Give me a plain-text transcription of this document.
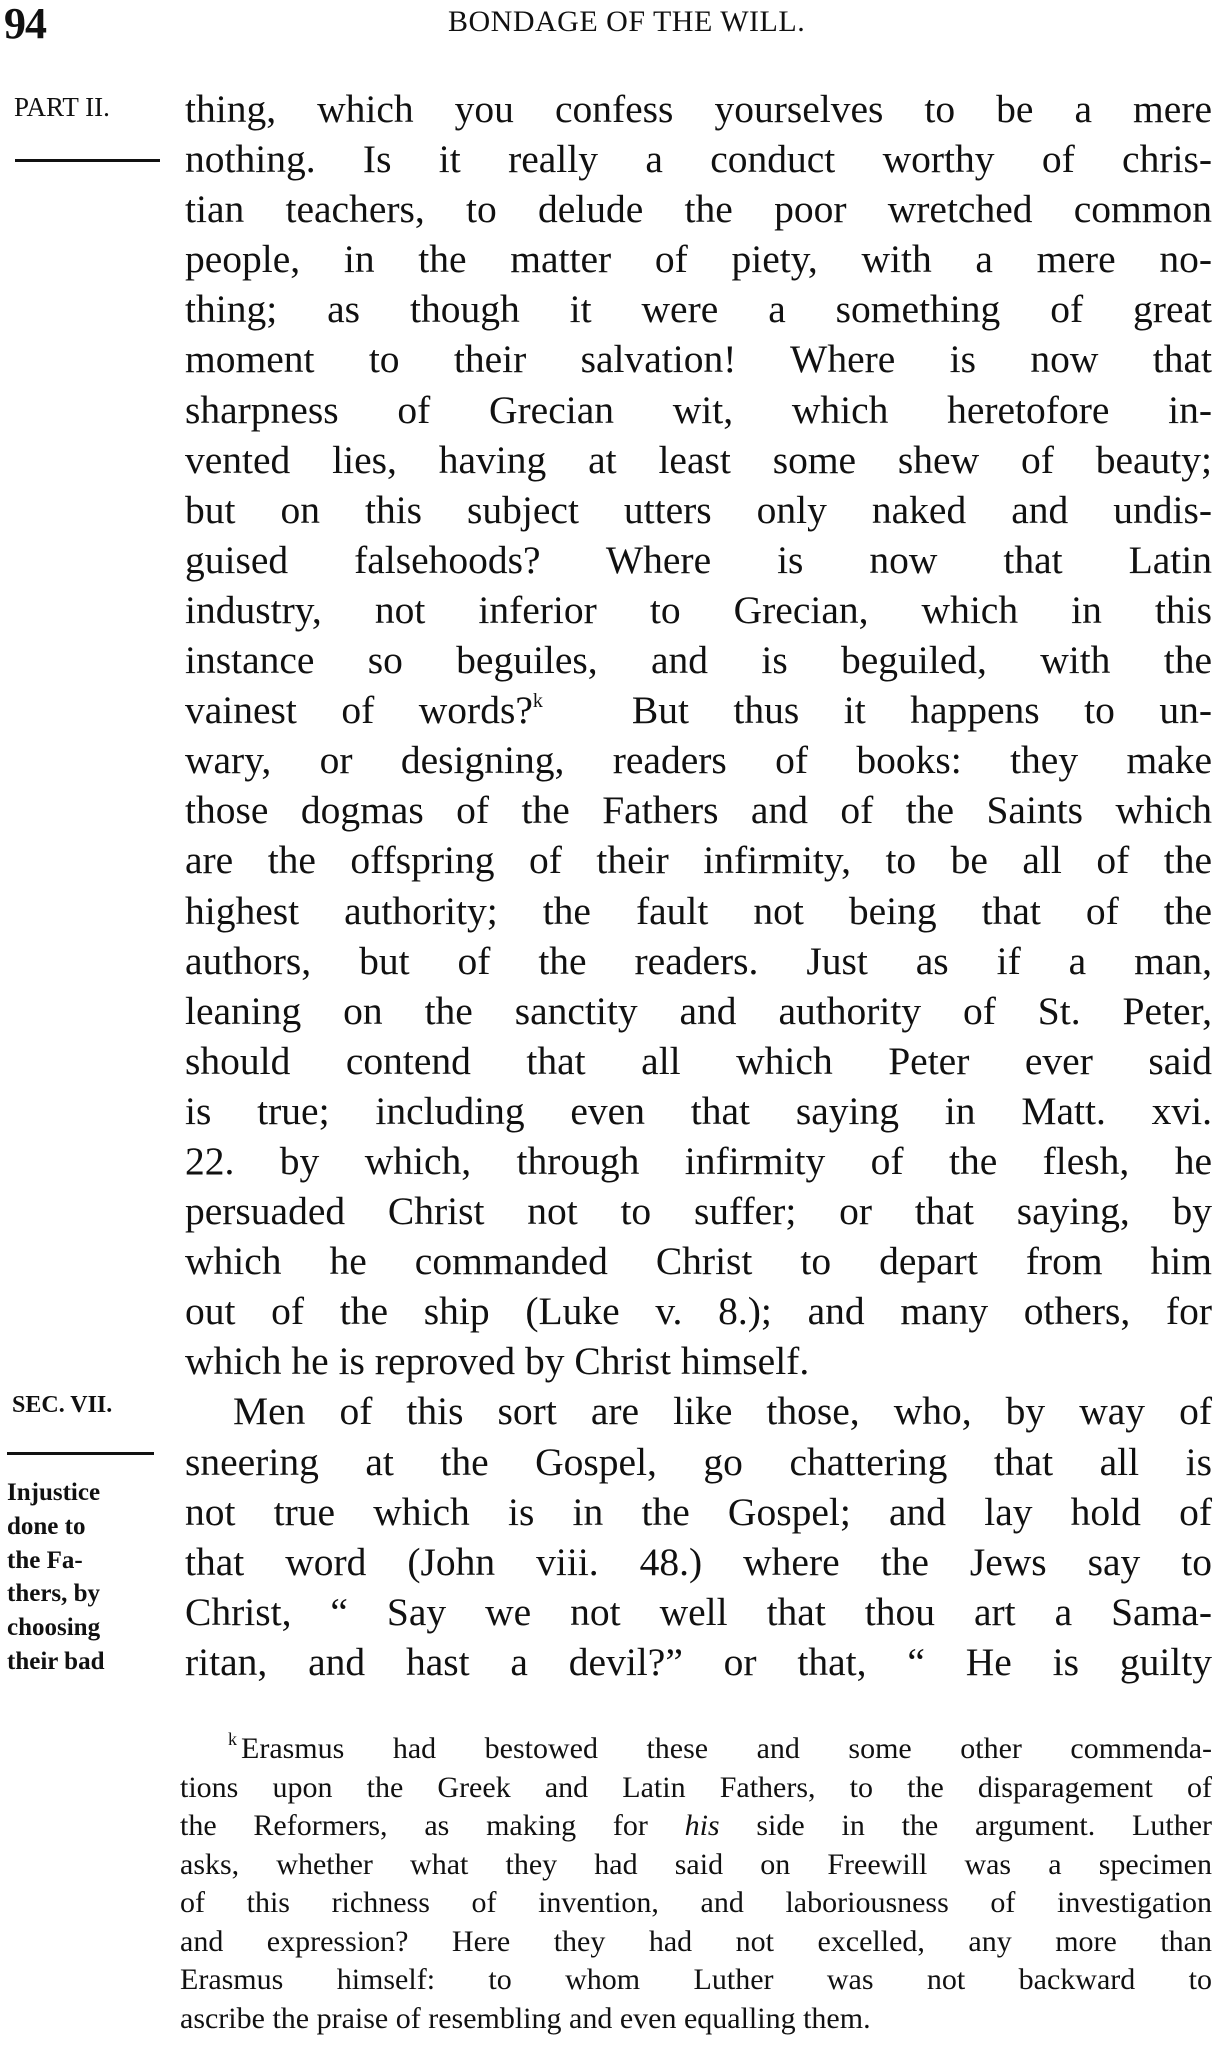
94	BONDAGE OF THE WILL.
PART II.
SEC. VII.
Injustice
done to
the Fa-
thers, by
choosing
their bad
thing, which you confess yourselves to be a mere
nothing. Is it really a conduct worthy of chris-
tian teachers, to delude the poor wretched common
people, in the matter of piety, with a mere no-
thing; as though it were a something of great
moment to their salvation! Where is now that
sharpness of Grecian wit, which heretofore in-
vented lies, having at least some shew of beauty;
but on this subject utters only naked and undis-
guised falsehoods? Where is now that Latin
industry, not inferior to Grecian, which in this
instance so beguiles, and is beguiled, with the
vainest of words?$^k$ But thus it happens to un-
wary, or designing, readers of books: they make
those dogmas of the Fathers and of the Saints which
are the offspring of their infirmity, to be all of the
highest authority; the fault not being that of the
authors, but of the readers. Just as if a man,
leaning on the sanctity and authority of St. Peter,
should contend that all which Peter ever said
is true; including even that saying in Matt. xvi.
22. by which, through infirmity of the flesh, he
persuaded Christ not to suffer; or that saying, by
which he commanded Christ to depart from him
out of the ship (Luke v. 8.); and many others, for
which he is reproved by Christ himself.
Men of this sort are like those, who, by way of
sneering at the Gospel, go chattering that all is
not true which is in the Gospel; and lay hold of
that word (John viii. 48.) where the Jews say to
Christ, “ Say we not well that thou art a Sama-
ritan, and hast a devil?” or that, “ He is guilty
$^k$ Erasmus had bestowed these and some other commenda-
tions upon the Greek and Latin Fathers, to the disparagement of
the Reformers, as making for his side in the argument. Luther
asks, whether what they had said on Freewill was a specimen
of this richness of invention, and laboriousness of investigation
and expression? Here they had not excelled, any more than
Erasmus himself: to whom Luther was not backward to
ascribe the praise of resembling and even equalling them.
